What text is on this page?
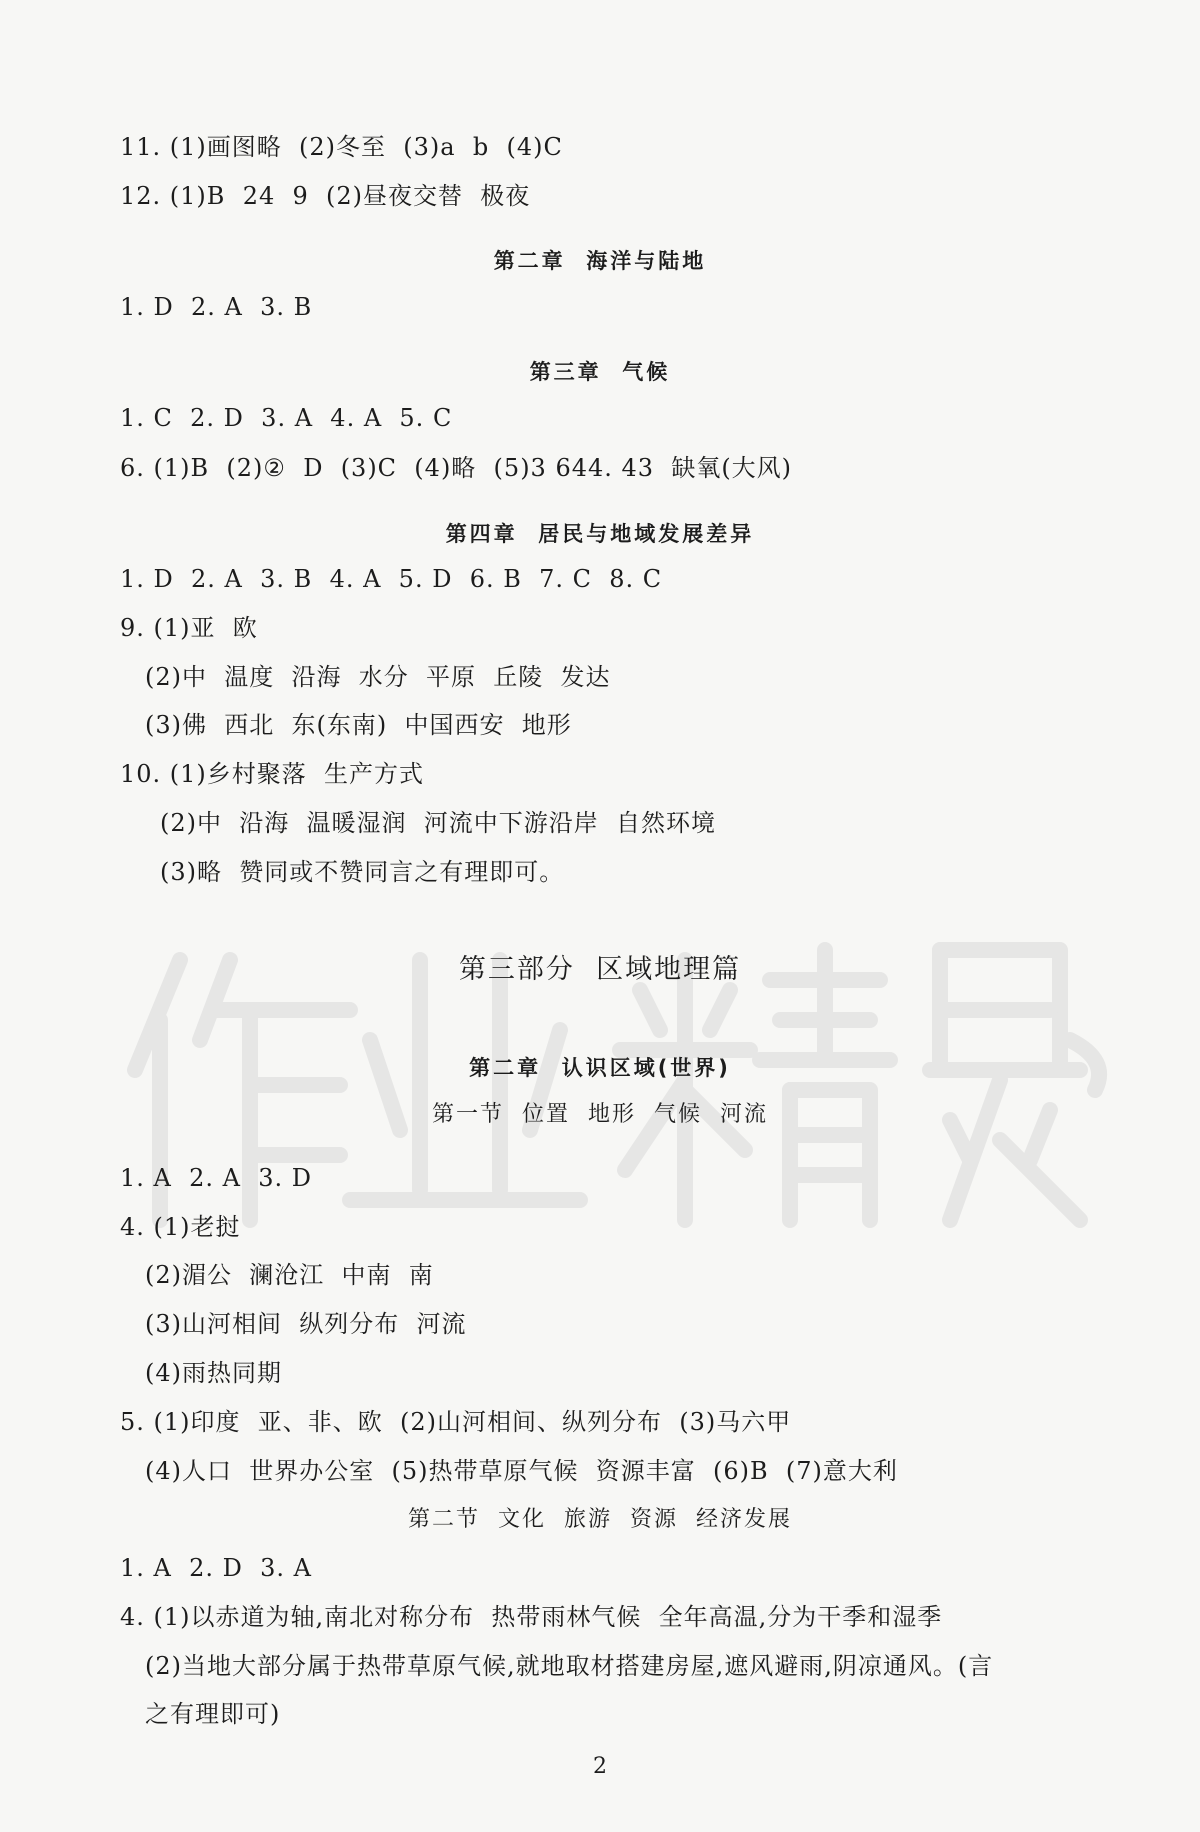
11. (1)画图略  (2)冬至  (3)a  b  (4)C
12. (1)B  24  9  (2)昼夜交替  极夜
第二章  海洋与陆地
1. D  2. A  3. B
第三章  气候
1. C  2. D  3. A  4. A  5. C
6. (1)B  (2)②  D  (3)C  (4)略  (5)3 644. 43  缺氧(大风)
第四章  居民与地域发展差异
1. D  2. A  3. B  4. A  5. D  6. B  7. C  8. C
9. (1)亚  欧
(2)中  温度  沿海  水分  平原  丘陵  发达
(3)佛  西北  东(东南)  中国西安  地形
10. (1)乡村聚落  生产方式
(2)中  沿海  温暖湿润  河流中下游沿岸  自然环境
(3)略  赞同或不赞同言之有理即可。
第三部分  区域地理篇
第二章  认识区域(世界)
第一节  位置  地形  气候  河流
1. A  2. A  3. D
4. (1)老挝
(2)湄公  澜沧江  中南  南
(3)山河相间  纵列分布  河流
(4)雨热同期
5. (1)印度  亚、非、欧  (2)山河相间、纵列分布  (3)马六甲
(4)人口  世界办公室  (5)热带草原气候  资源丰富  (6)B  (7)意大利
第二节  文化  旅游  资源  经济发展
1. A  2. D  3. A
4. (1)以赤道为轴,南北对称分布  热带雨林气候  全年高温,分为干季和湿季
(2)当地大部分属于热带草原气候,就地取材搭建房屋,遮风避雨,阴凉通风。(言
之有理即可)
2
